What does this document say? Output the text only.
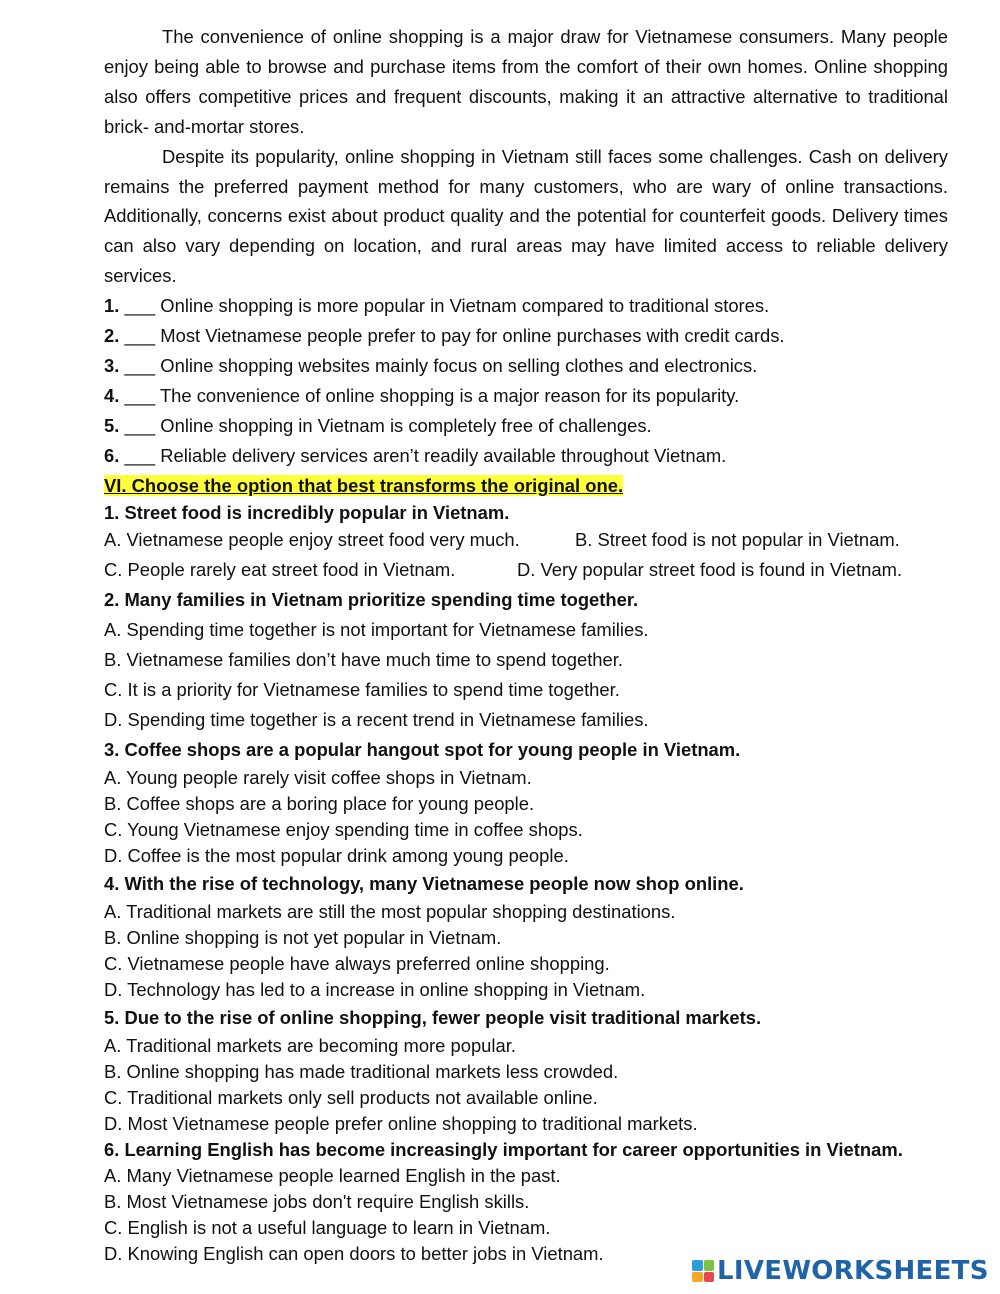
The convenience of online shopping is a major draw for Vietnamese consumers. Many people enjoy being able to browse and purchase items from the comfort of their own homes. Online shopping also offers competitive prices and frequent discounts, making it an attractive alternative to traditional brick- and-mortar stores.

Despite its popularity, online shopping in Vietnam still faces some challenges. Cash on delivery remains the preferred payment method for many customers, who are wary of online transactions. Additionally, concerns exist about product quality and the potential for counterfeit goods. Delivery times can also vary depending on location, and rural areas may have limited access to reliable delivery services.

1. ___ Online shopping is more popular in Vietnam compared to traditional stores.

2. ___ Most Vietnamese people prefer to pay for online purchases with credit cards.

3. ___ Online shopping websites mainly focus on selling clothes and electronics.

4. ___ The convenience of online shopping is a major reason for its popularity.

5. ___ Online shopping in Vietnam is completely free of challenges.

6. ___ Reliable delivery services aren’t readily available throughout Vietnam.

VI. Choose the option that best transforms the original one.

1. Street food is incredibly popular in Vietnam.

A. Vietnamese people enjoy street food very much.	B. Street food is not popular in Vietnam.
C. People rarely eat street food in Vietnam.	D. Very popular street food is found in Vietnam.

2. Many families in Vietnam prioritize spending time together.

A. Spending time together is not important for Vietnamese families.

B. Vietnamese families don’t have much time to spend together.

C. It is a priority for Vietnamese families to spend time together.

D. Spending time together is a recent trend in Vietnamese families.

3. Coffee shops are a popular hangout spot for young people in Vietnam.

A. Young people rarely visit coffee shops in Vietnam.

B. Coffee shops are a boring place for young people.

C. Young Vietnamese enjoy spending time in coffee shops.

D. Coffee is the most popular drink among young people.

4. With the rise of technology, many Vietnamese people now shop online.

A. Traditional markets are still the most popular shopping destinations.

B. Online shopping is not yet popular in Vietnam.

C. Vietnamese people have always preferred online shopping.

D. Technology has led to a increase in online shopping in Vietnam.

5. Due to the rise of online shopping, fewer people visit traditional markets.

A. Traditional markets are becoming more popular.

B. Online shopping has made traditional markets less crowded.

C. Traditional markets only sell products not available online.

D. Most Vietnamese people prefer online shopping to traditional markets.

6. Learning English has become increasingly important for career opportunities in Vietnam.

A. Many Vietnamese people learned English in the past.

B. Most Vietnamese jobs don't require English skills.

C. English is not a useful language to learn in Vietnam.

D. Knowing English can open doors to better jobs in Vietnam.

LIVEWORKSHEETS
